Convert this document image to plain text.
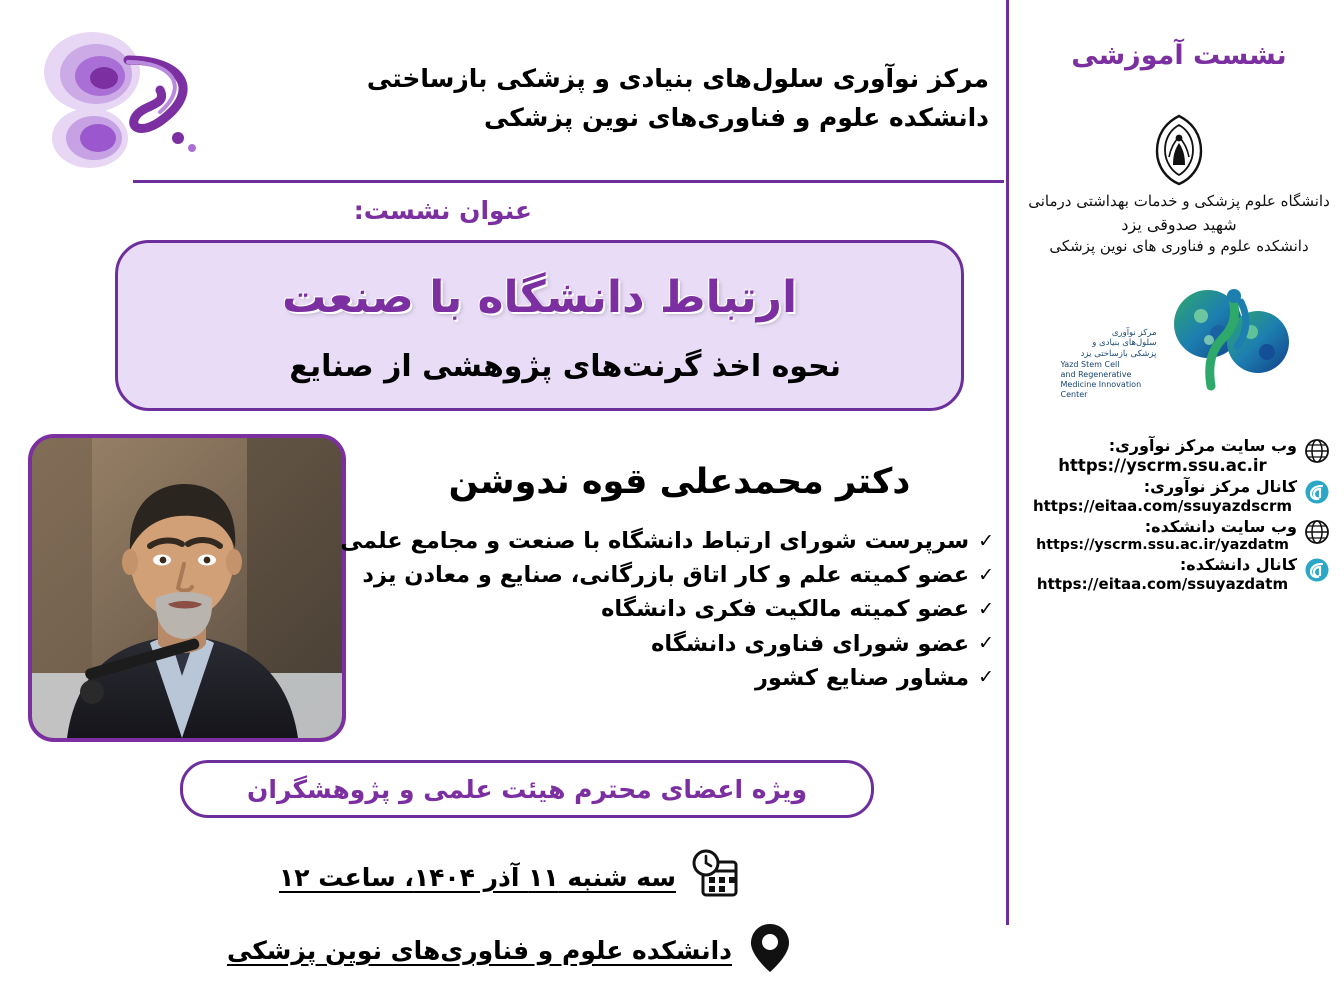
مرکز نوآوری سلول‌های بنیادی و پزشکی بازساختی
دانشکده علوم و فناوری‌های نوین پزشکی
عنوان نشست:
ارتباط دانشگاه با صنعت
نحوه اخذ گرنت‌های پژوهشی از صنایع
دکتر محمدعلی قوه ندوشن
✓
سرپرست شورای ارتباط دانشگاه با صنعت و مجامع علمی
✓
عضو کمیته علم و کار اتاق بازرگانی، صنایع و معادن یزد
✓
عضو کمیته مالکیت فکری دانشگاه
✓
عضو شورای فناوری دانشگاه
✓
مشاور صنایع کشور
ویژه اعضای محترم هیئت علمی و پژوهشگران
سه شنبه ۱۱ آذر ۱۴۰۴، ساعت ۱۲
دانشکده علوم و فناوری‌های نوین پزشکی
نشست آموزشی
دانشگاه علوم پزشکی و خدمات بهداشتی درمانی
شهید صدوقی یزد
دانشکده علوم و فناوری های نوین پزشکی
مرکز نوآوری
سلول‌های بنیادی و
پزشکی بازساختی یزد
Yazd Stem Cell
and Regenerative
Medicine Innovation
Center
وب سایت مرکز نوآوری:
https://yscrm.ssu.ac.ir
کانال مرکز نوآوری:
https://eitaa.com/ssuyazdscrm
وب سایت دانشکده:
https://yscrm.ssu.ac.ir/yazdatm
کانال دانشکده:
https://eitaa.com/ssuyazdatm
